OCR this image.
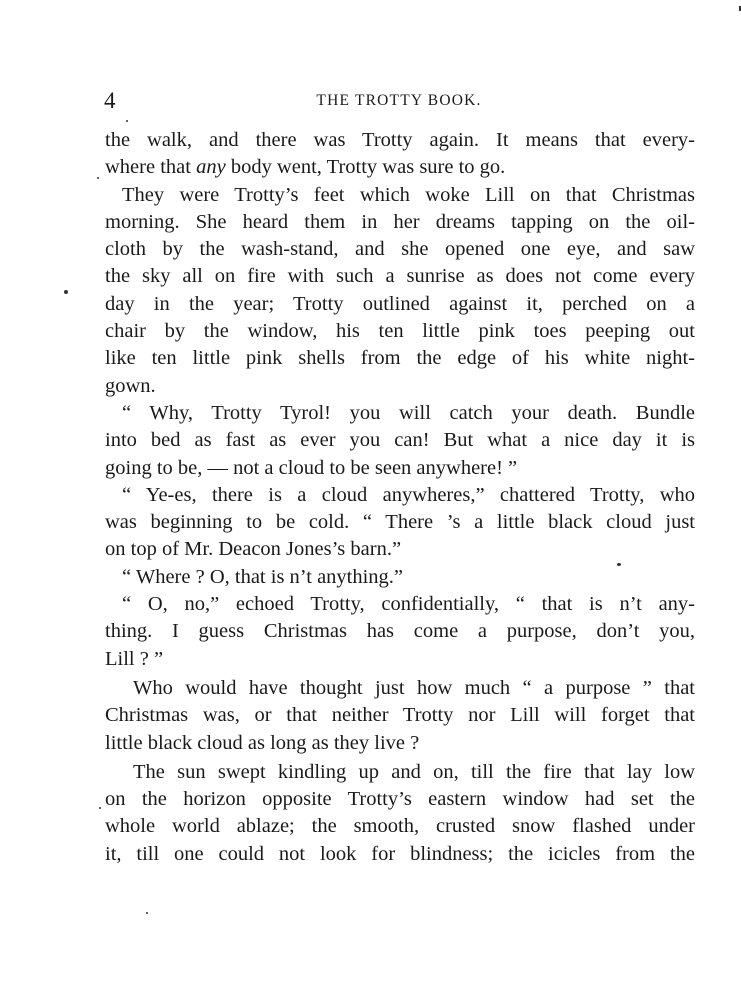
4	THE TROTTY BOOK.
the walk, and there was Trotty again. It means that every-
where that any body went, Trotty was sure to go.
They were Trotty’s feet which woke Lill on that Christmas
morning. She heard them in her dreams tapping on the oil-
cloth by the wash-stand, and she opened one eye, and saw
the sky all on fire with such a sunrise as does not come every
day in the year; Trotty outlined against it, perched on a
chair by the window, his ten little pink toes peeping out
like ten little pink shells from the edge of his white night-
gown.
“ Why, Trotty Tyrol! you will catch your death. Bundle
into bed as fast as ever you can! But what a nice day it is
going to be, — not a cloud to be seen anywhere! ”
“ Ye-es, there is a cloud anywheres,” chattered Trotty, who
was beginning to be cold. “ There ’s a little black cloud just
on top of Mr. Deacon Jones’s barn.”
“ Where ? O, that is n’t anything.”
“ O, no,” echoed Trotty, confidentially, “ that is n’t any-
thing. I guess Christmas has come a purpose, don’t you,
Lill ? ”
Who would have thought just how much “ a purpose ” that
Christmas was, or that neither Trotty nor Lill will forget that
little black cloud as long as they live ?
The sun swept kindling up and on, till the fire that lay low
on the horizon opposite Trotty’s eastern window had set the
whole world ablaze; the smooth, crusted snow flashed under
it, till one could not look for blindness; the icicles from the
